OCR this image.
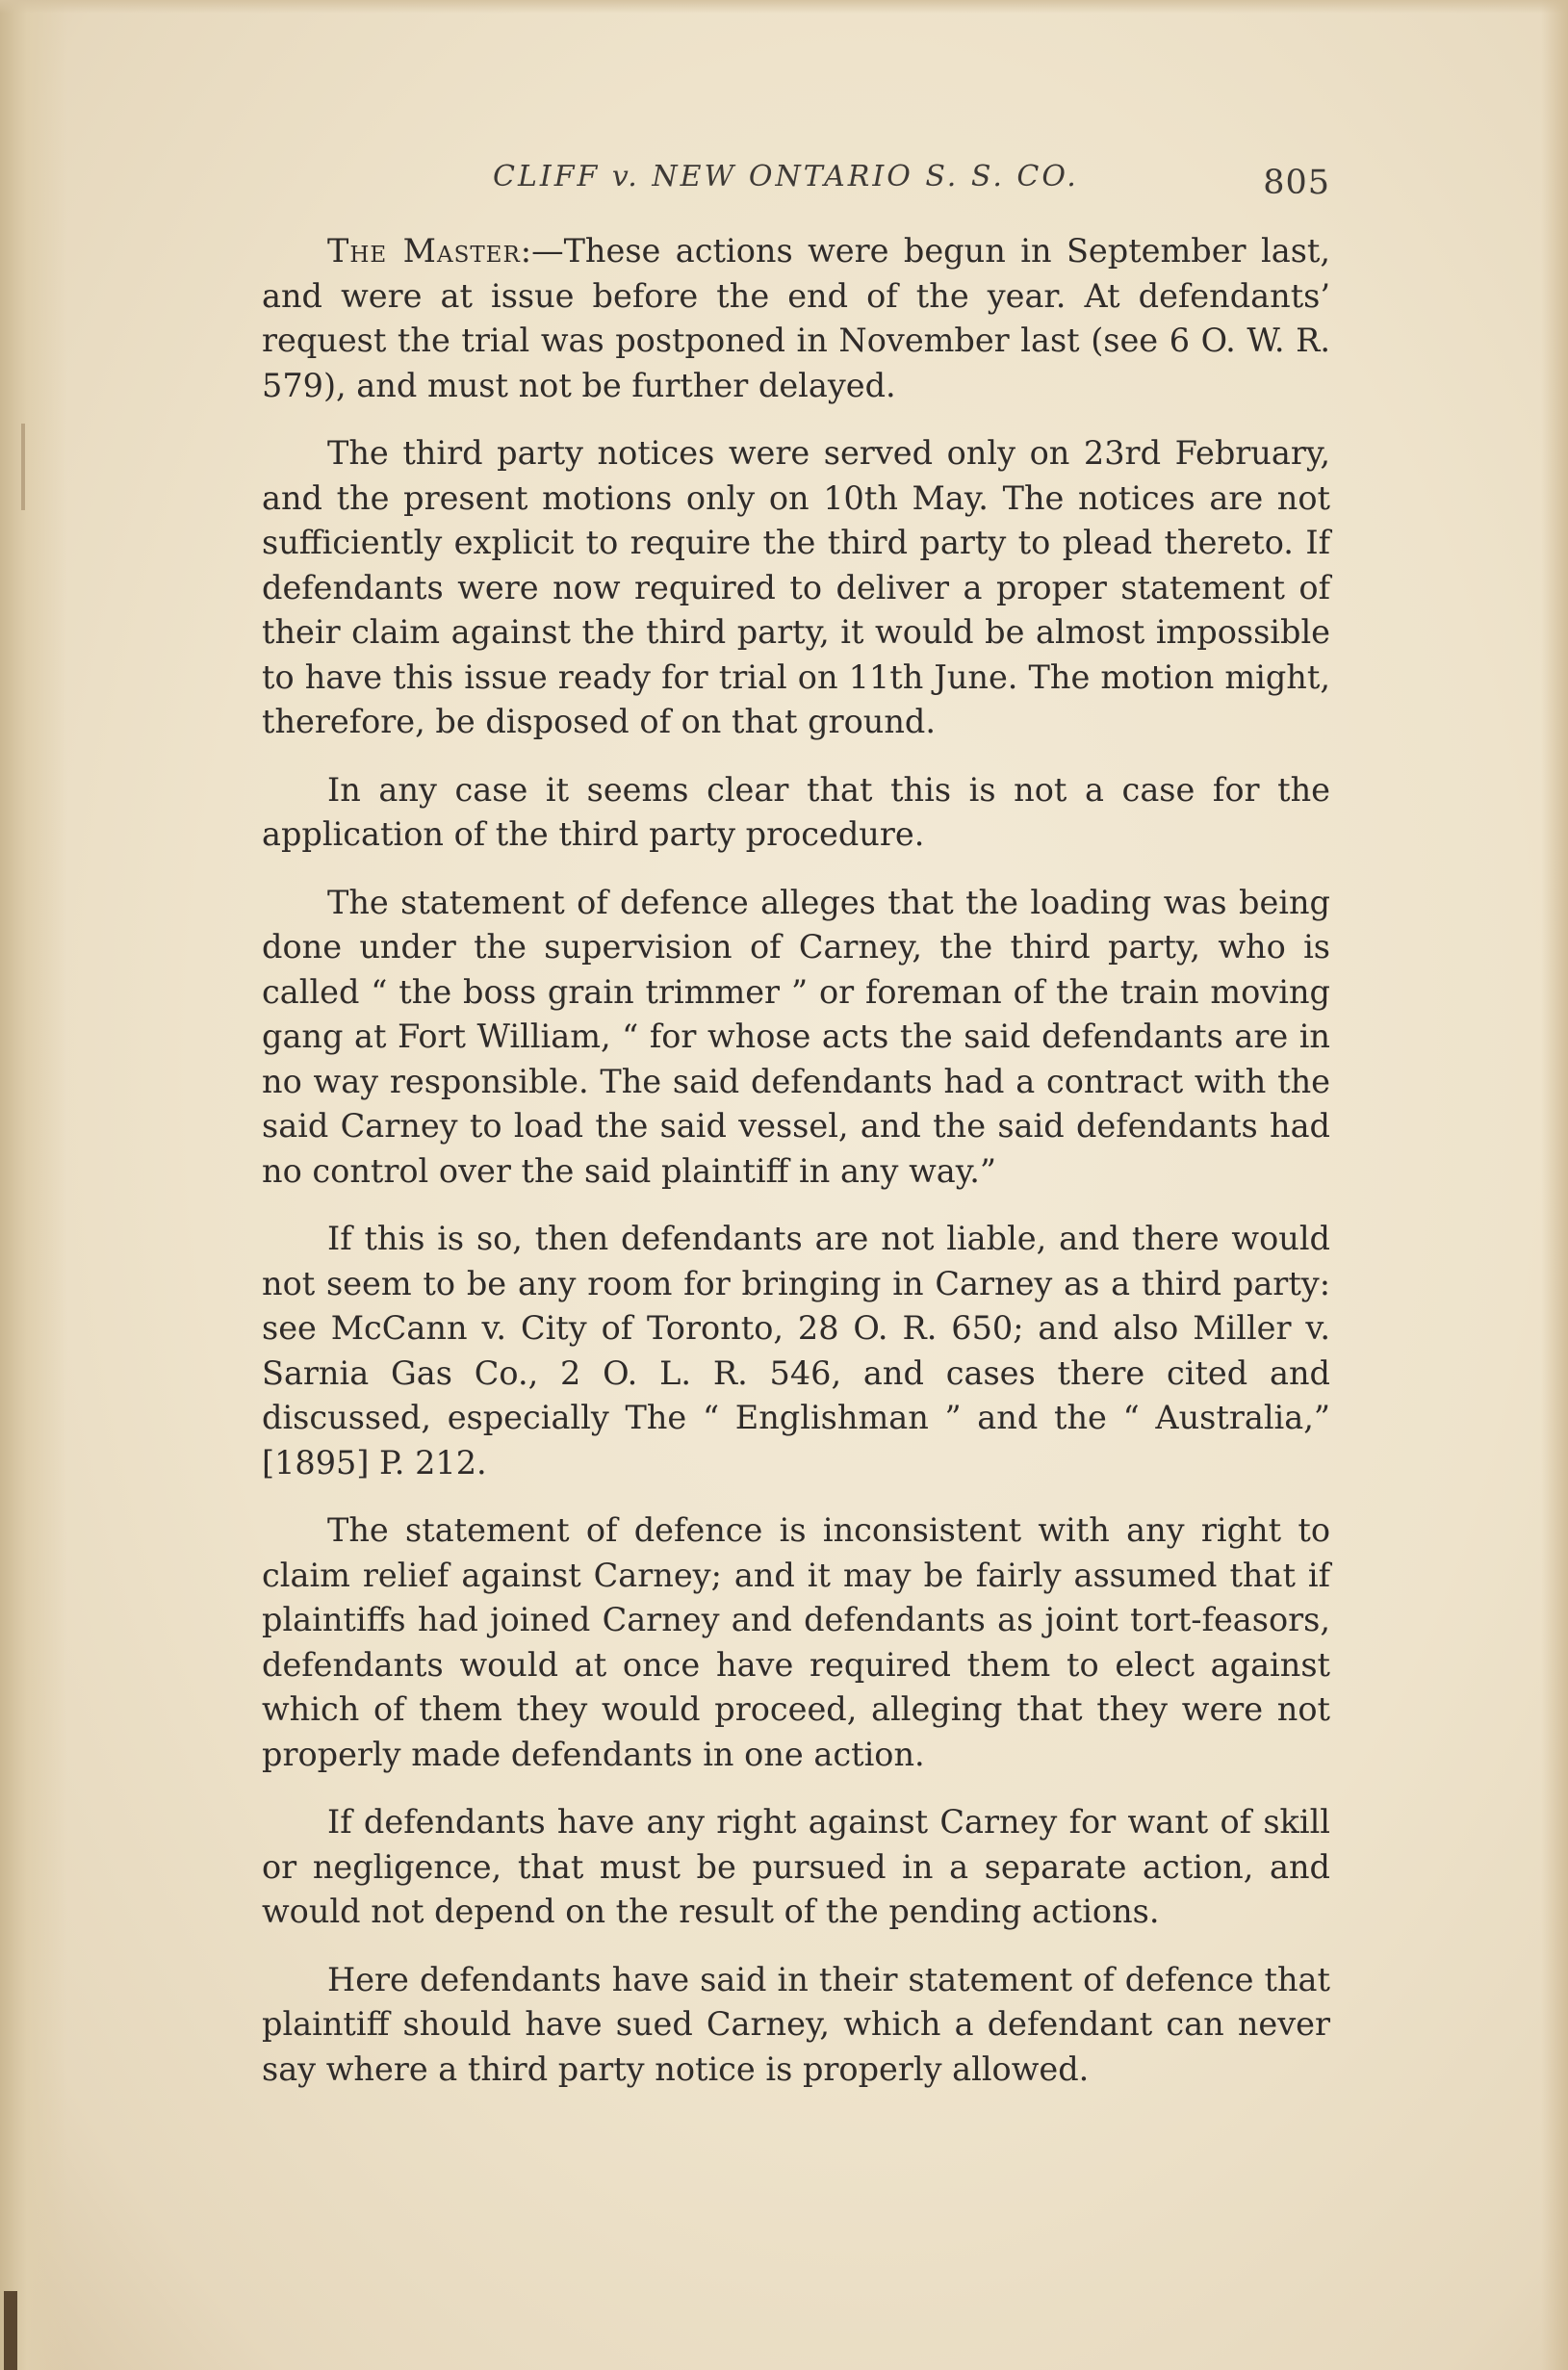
CLIFF v. NEW ONTARIO S. S. CO.	805

The Master:—These actions were begun in September last, and were at issue before the end of the year. At defendants’ request the trial was postponed in November last (see 6 O. W. R. 579), and must not be further delayed.

The third party notices were served only on 23rd February, and the present motions only on 10th May. The notices are not sufficiently explicit to require the third party to plead thereto. If defendants were now required to deliver a proper statement of their claim against the third party, it would be almost impossible to have this issue ready for trial on 11th June. The motion might, therefore, be disposed of on that ground.

In any case it seems clear that this is not a case for the application of the third party procedure.

The statement of defence alleges that the loading was being done under the supervision of Carney, the third party, who is called “ the boss grain trimmer ” or foreman of the train moving gang at Fort William, “ for whose acts the said defendants are in no way responsible. The said defendants had a contract with the said Carney to load the said vessel, and the said defendants had no control over the said plaintiff in any way.”

If this is so, then defendants are not liable, and there would not seem to be any room for bringing in Carney as a third party: see McCann v. City of Toronto, 28 O. R. 650; and also Miller v. Sarnia Gas Co., 2 O. L. R. 546, and cases there cited and discussed, especially The “ Englishman ” and the “ Australia,” [1895] P. 212.

The statement of defence is inconsistent with any right to claim relief against Carney; and it may be fairly assumed that if plaintiffs had joined Carney and defendants as joint tort-feasors, defendants would at once have required them to elect against which of them they would proceed, alleging that they were not properly made defendants in one action.

If defendants have any right against Carney for want of skill or negligence, that must be pursued in a separate action, and would not depend on the result of the pending actions.

Here defendants have said in their statement of defence that plaintiff should have sued Carney, which a defendant can never say where a third party notice is properly allowed.
